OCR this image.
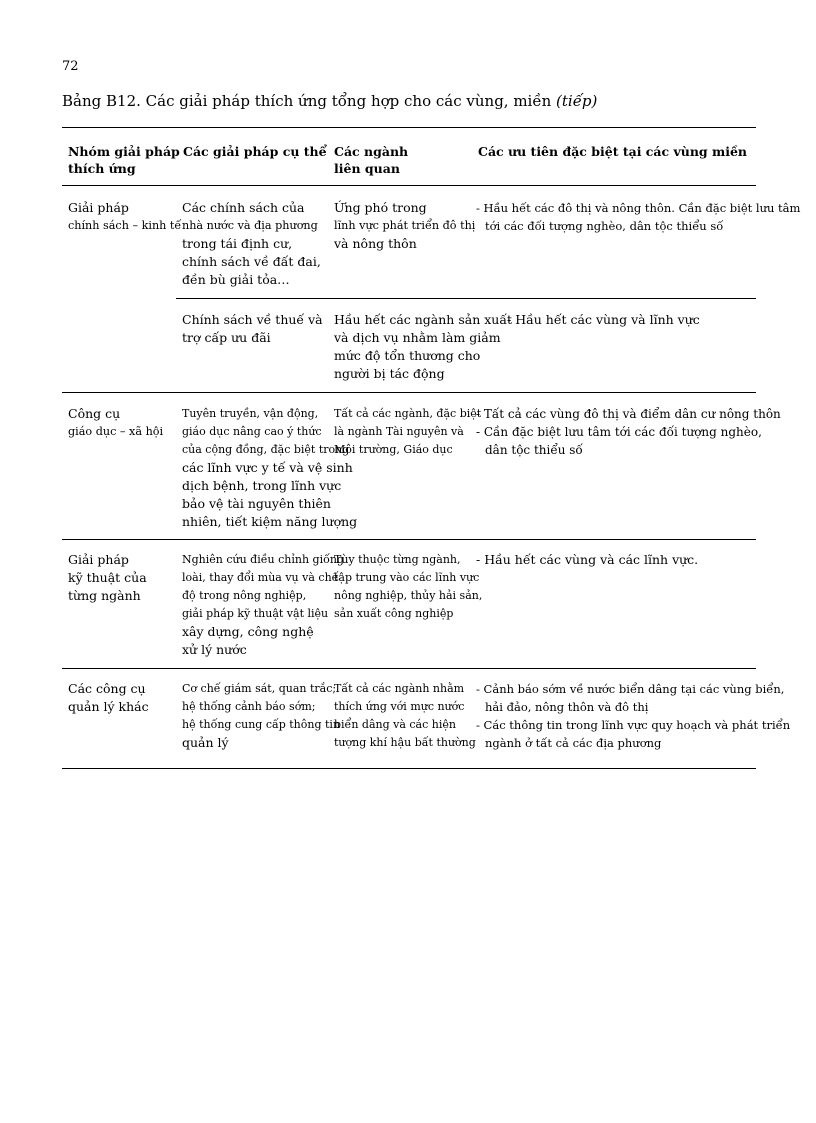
72
Bảng B12. Các giải pháp thích ứng tổng hợp cho các vùng, miền (tiếp)
Nhóm giải pháp
thích ứng
Các giải pháp cụ thể Các ngành
liên quan
Các ưu tiên đặc biệt tại các vùng miền
Giải pháp
chính sách – kinh tế
Các chính sách của
nhà nước và địa phương
trong tái định cư,
chính sách về đất đai,
đền bù giải tỏa…
Ứng phó trong
lĩnh vực phát triển đô thị
và nông thôn
- Hầu hết các đô thị và nông thôn. Cần đặc biệt lưu tâm
tới các đối tượng nghèo, dân tộc thiểu số
Chính sách về thuế và
trợ cấp ưu đãi
Hầu hết các ngành sản xuất
và dịch vụ nhằm làm giảm
mức độ tổn thương cho
người bị tác động
- Hầu hết các vùng và lĩnh vực
Công cụ
giáo dục – xã hội
Tuyên truyền, vận động,
giáo dục nâng cao ý thức
của cộng đồng, đặc biệt trong
các lĩnh vực y tế và vệ sinh
dịch bệnh, trong lĩnh vực
bảo vệ tài nguyên thiên
nhiên, tiết kiệm năng lượng
Tất cả các ngành, đặc biệt
là ngành Tài nguyên và
Môi trường, Giáo dục
- Tất cả các vùng đô thị và điểm dân cư nông thôn
- Cần đặc biệt lưu tâm tới các đối tượng nghèo,
dân tộc thiểu số
Giải pháp
kỹ thuật của
từng ngành
Nghiên cứu điều chỉnh giống
loài, thay đổi mùa vụ và chế
độ trong nông nghiệp,
giải pháp kỹ thuật vật liệu
xây dựng, công nghệ
xử lý nước
Tùy thuộc từng ngành,
tập trung vào các lĩnh vực
nông nghiệp, thủy hải sản,
sản xuất công nghiệp
- Hầu hết các vùng và các lĩnh vực.
Các công cụ
quản lý khác
Cơ chế giám sát, quan trắc;
hệ thống cảnh báo sớm;
hệ thống cung cấp thông tin
quản lý
Tất cả các ngành nhằm
thích ứng với mực nước
biển dâng và các hiện
tượng khí hậu bất thường
- Cảnh báo sớm về nước biển dâng tại các vùng biển,
hải đảo, nông thôn và đô thị
- Các thông tin trong lĩnh vực quy hoạch và phát triển
ngành ở tất cả các địa phương
